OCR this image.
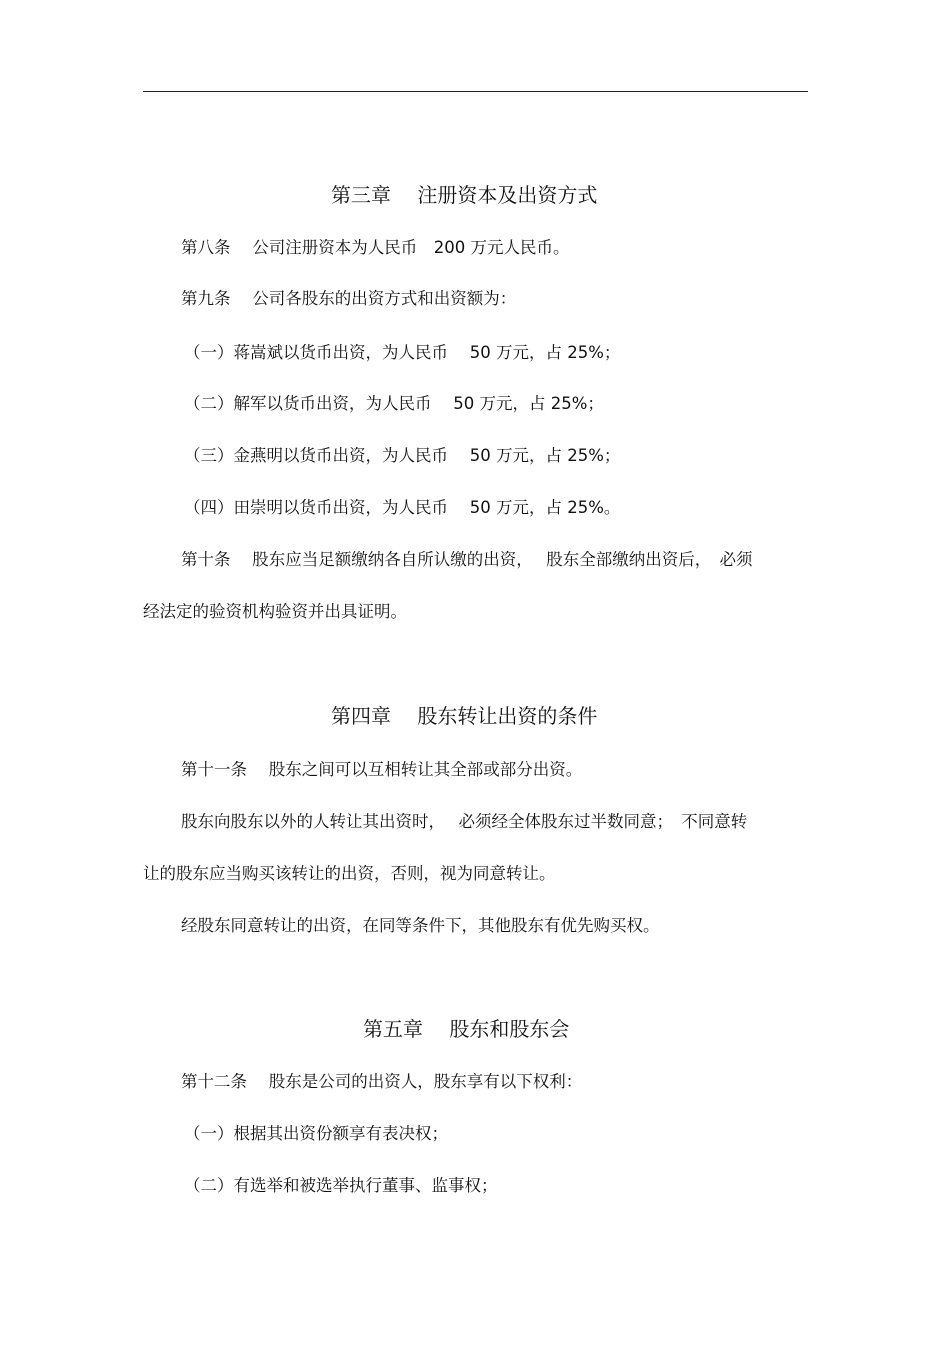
第三章　 注册资本及出资方式
第八条　 公司注册资本为人民币　200 万元人民币。
第九条　 公司各股东的出资方式和出资额为：
（一）蒋嵩斌以货币出资，为人民币　 50 万元，占 25%；
（二）解军以货币出资，为人民币　 50 万元，占 25%；
（三）金燕明以货币出资，为人民币　 50 万元，占 25%；
（四）田崇明以货币出资，为人民币　 50 万元，占 25%。
第十条　 股东应当足额缴纳各自所认缴的出资，　 股东全部缴纳出资后，　必须
经法定的验资机构验资并出具证明。
第四章　 股东转让出资的条件
第十一条　 股东之间可以互相转让其全部或部分出资。
股东向股东以外的人转让其出资时，　 必须经全体股东过半数同意；　不同意转
让的股东应当购买该转让的出资，否则，视为同意转让。
经股东同意转让的出资，在同等条件下，其他股东有优先购买权。
第五章　 股东和股东会
第十二条　 股东是公司的出资人，股东享有以下权利：
（一）根据其出资份额享有表决权；
（二）有选举和被选举执行董事、监事权；
